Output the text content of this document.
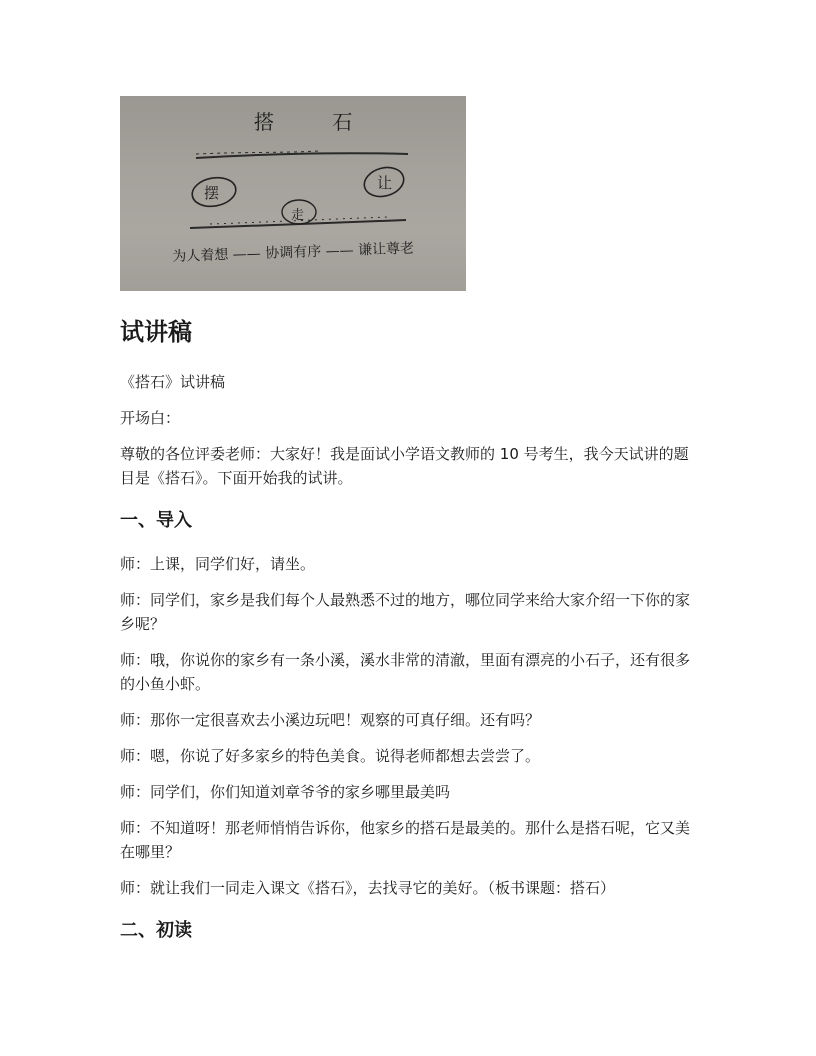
搭 石
摆
走
让
为人着想 —— 协调有序 —— 谦让尊老
试讲稿

《搭石》试讲稿

开场白：

尊敬的各位评委老师：大家好！我是面试小学语文教师的 10 号考生，我今天试讲的题目是《搭石》。下面开始我的试讲。

一、导入

师：上课，同学们好，请坐。

师：同学们，家乡是我们每个人最熟悉不过的地方，哪位同学来给大家介绍一下你的家乡呢？

师：哦，你说你的家乡有一条小溪，溪水非常的清澈，里面有漂亮的小石子，还有很多的小鱼小虾。

师：那你一定很喜欢去小溪边玩吧！观察的可真仔细。还有吗？

师：嗯，你说了好多家乡的特色美食。说得老师都想去尝尝了。

师：同学们，你们知道刘章爷爷的家乡哪里最美吗

师：不知道呀！那老师悄悄告诉你，他家乡的搭石是最美的。那什么是搭石呢，它又美在哪里？

师：就让我们一同走入课文《搭石》，去找寻它的美好。（板书课题：搭石）

二、初读
